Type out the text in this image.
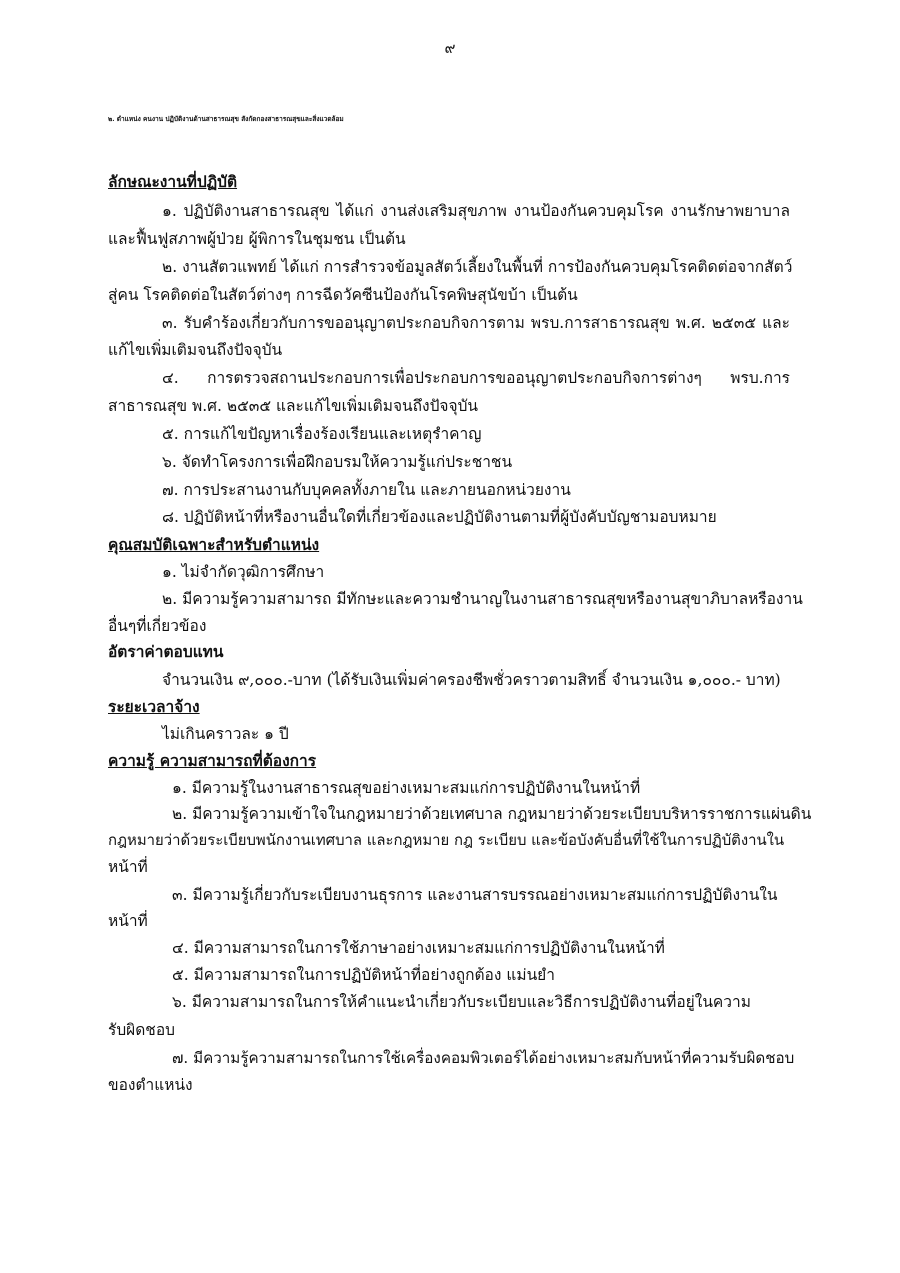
๙
๒. ตำแหน่ง คนงาน ปฏิบัติงานด้านสาธารณสุข สังกัดกองสาธารณสุขและสิ่งแวดล้อม
ลักษณะงานที่ปฏิบัติ
๑. ปฏิบัติงานสาธารณสุข ได้แก่ งานส่งเสริมสุขภาพ งานป้องกันควบคุมโรค งานรักษาพยาบาล
และฟื้นฟูสภาพผู้ป่วย ผู้พิการในชุมชน เป็นต้น
๒. งานสัตวแพทย์ ได้แก่ การสำรวจข้อมูลสัตว์เลี้ยงในพื้นที่ การป้องกันควบคุมโรคติดต่อจากสัตว์
สู่คน โรคติดต่อในสัตว์ต่างๆ การฉีดวัคซีนป้องกันโรคพิษสุนัขบ้า เป็นต้น
๓. รับคำร้องเกี่ยวกับการขออนุญาตประกอบกิจการตาม พรบ.การสาธารณสุข พ.ศ. ๒๕๓๕ และ
แก้ไขเพิ่มเติมจนถึงปัจจุบัน
๔. การตรวจสถานประกอบการเพื่อประกอบการขออนุญาตประกอบกิจการต่างๆ พรบ.การ
สาธารณสุข พ.ศ. ๒๕๓๕ และแก้ไขเพิ่มเติมจนถึงปัจจุบัน
๕. การแก้ไขปัญหาเรื่องร้องเรียนและเหตุรำคาญ
๖. จัดทำโครงการเพื่อฝึกอบรมให้ความรู้แก่ประชาชน
๗. การประสานงานกับบุคคลทั้งภายใน และภายนอกหน่วยงาน
๘. ปฏิบัติหน้าที่หรืองานอื่นใดที่เกี่ยวข้องและปฏิบัติงานตามที่ผู้บังคับบัญชามอบหมาย
คุณสมบัติเฉพาะสำหรับตำแหน่ง
๑. ไม่จำกัดวุฒิการศึกษา
๒. มีความรู้ความสามารถ มีทักษะและความชำนาญในงานสาธารณสุขหรืองานสุขาภิบาลหรืองาน
อื่นๆที่เกี่ยวข้อง
อัตราค่าตอบแทน
จำนวนเงิน ๙,๐๐๐.-บาท (ได้รับเงินเพิ่มค่าครองชีพชั่วคราวตามสิทธิ์ จำนวนเงิน ๑,๐๐๐.- บาท)
ระยะเวลาจ้าง
ไม่เกินคราวละ ๑ ปี
ความรู้ ความสามารถที่ต้องการ
๑. มีความรู้ในงานสาธารณสุขอย่างเหมาะสมแก่การปฏิบัติงานในหน้าที่
๒. มีความรู้ความเข้าใจในกฎหมายว่าด้วยเทศบาล กฎหมายว่าด้วยระเบียบบริหารราชการแผ่นดิน
กฎหมายว่าด้วยระเบียบพนักงานเทศบาล และกฎหมาย กฎ ระเบียบ และข้อบังคับอื่นที่ใช้ในการปฏิบัติงานใน
หน้าที่
๓. มีความรู้เกี่ยวกับระเบียบงานธุรการ และงานสารบรรณอย่างเหมาะสมแก่การปฏิบัติงานใน
หน้าที่
๔. มีความสามารถในการใช้ภาษาอย่างเหมาะสมแก่การปฏิบัติงานในหน้าที่
๕. มีความสามารถในการปฏิบัติหน้าที่อย่างถูกต้อง แม่นยำ
๖. มีความสามารถในการให้คำแนะนำเกี่ยวกับระเบียบและวิธีการปฏิบัติงานที่อยู่ในความ
รับผิดชอบ
๗. มีความรู้ความสามารถในการใช้เครื่องคอมพิวเตอร์ได้อย่างเหมาะสมกับหน้าที่ความรับผิดชอบ
ของตำแหน่ง
